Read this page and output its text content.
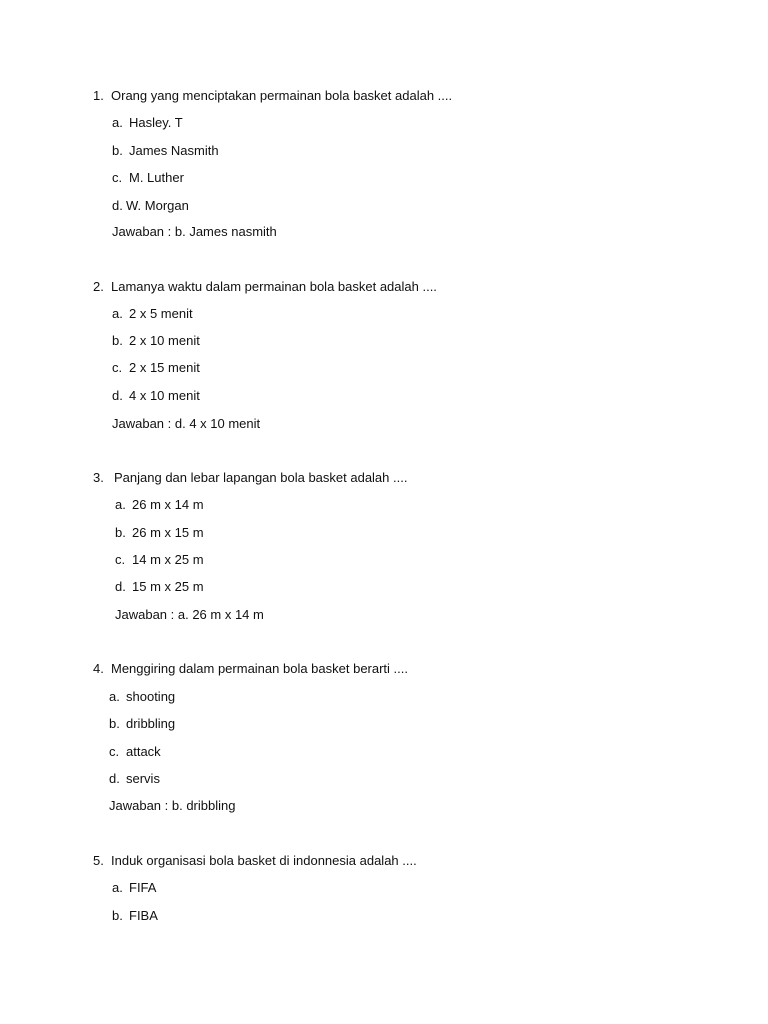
1. Orang yang menciptakan permainan bola basket adalah ....
a. Hasley. T
b. James Nasmith
c. M. Luther
d. W. Morgan
Jawaban : b. James nasmith
2. Lamanya waktu dalam permainan bola basket adalah ....
a. 2 x 5 menit
b. 2 x 10 menit
c. 2 x 15 menit
d. 4 x 10 menit
Jawaban : d. 4 x 10 menit
3. Panjang dan lebar lapangan bola basket adalah ....
a. 26 m x 14 m
b. 26 m x 15 m
c. 14 m x 25 m
d. 15 m x 25 m
Jawaban : a. 26 m x 14 m
4. Menggiring dalam permainan bola basket berarti ....
a. shooting
b. dribbling
c. attack
d. servis
Jawaban : b. dribbling
5. Induk organisasi bola basket di indonnesia adalah ....
a. FIFA
b. FIBA
